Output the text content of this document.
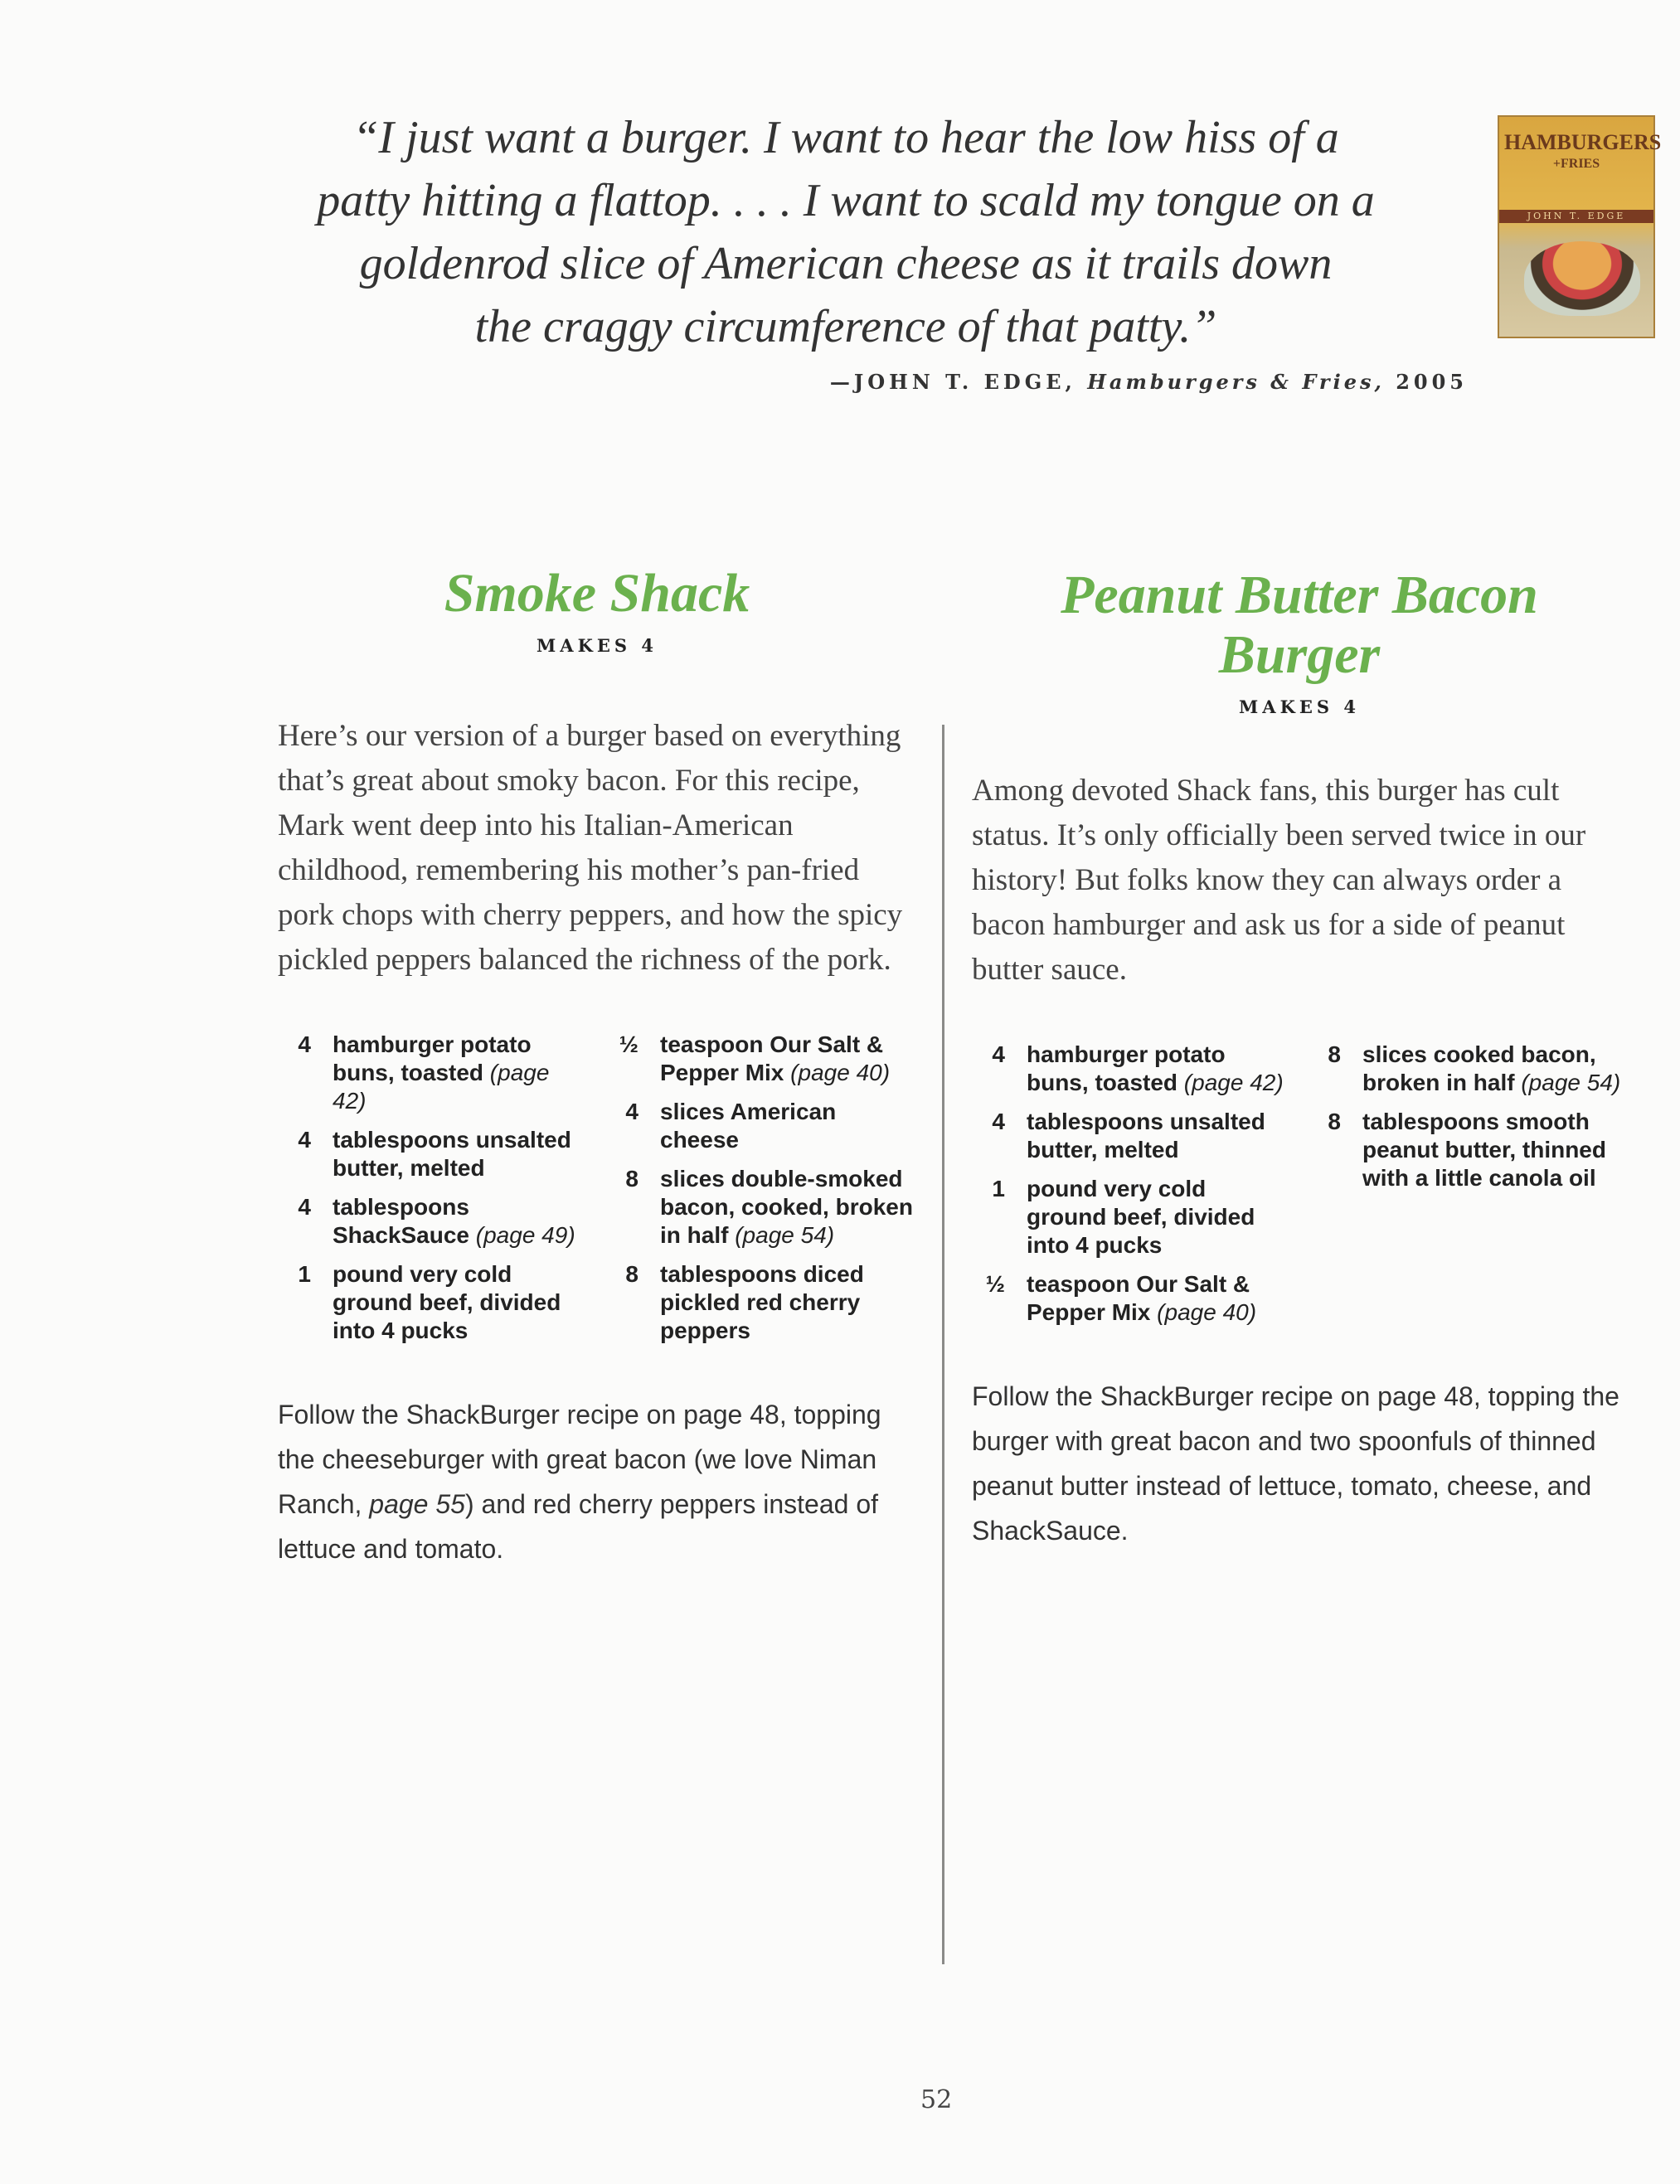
“I just want a burger. I want to hear the low hiss of a
patty hitting a flattop. . . . I want to scald my tongue on a
goldenrod slice of American cheese as it trails down
the craggy circumference of that patty.”
—JOHN T. EDGE, Hamburgers & Fries, 2005
HAMBURGERS
+FRIES
JOHN T. EDGE
Smoke Shack
MAKES 4
Here’s our version of a burger based on everything that’s great about smoky bacon. For this recipe, Mark went deep into his Italian-American childhood, remembering his mother’s pan-fried pork chops with cherry peppers, and how the spicy pickled peppers balanced the richness of the pork.
4 hamburger potato buns, toasted (page 42)
4 tablespoons unsalted butter, melted
4 tablespoons ShackSauce (page 49)
1 pound very cold ground beef, divided into 4 pucks
½ teaspoon Our Salt & Pepper Mix (page 40)
4 slices American cheese
8 slices double-smoked bacon, cooked, broken in half (page 54)
8 tablespoons diced pickled red cherry peppers
Follow the ShackBurger recipe on page 48, topping the cheeseburger with great bacon (we love Niman Ranch, page 55) and red cherry peppers instead of lettuce and tomato.
Peanut Butter Bacon
Burger
MAKES 4
Among devoted Shack fans, this burger has cult status. It’s only officially been served twice in our history! But folks know they can always order a bacon hamburger and ask us for a side of peanut butter sauce.
4 hamburger potato buns, toasted (page 42)
4 tablespoons unsalted butter, melted
1 pound very cold ground beef, divided into 4 pucks
½ teaspoon Our Salt & Pepper Mix (page 40)
8 slices cooked bacon, broken in half (page 54)
8 tablespoons smooth peanut butter, thinned with a little canola oil
Follow the ShackBurger recipe on page 48, topping the burger with great bacon and two spoonfuls of thinned peanut butter instead of lettuce, tomato, cheese, and ShackSauce.
52
